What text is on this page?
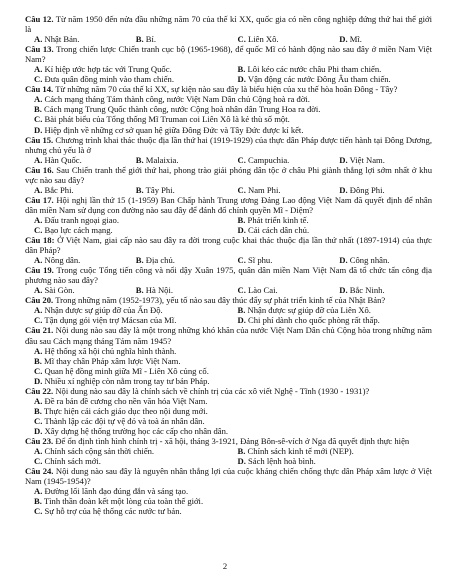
Câu 12. Từ năm 1950 đến nửa đầu những năm 70 của thế kỉ XX, quốc gia có nền công nghiệp đứng thứ hai thế giới là

A. Nhật Bản.	B. Bỉ.	C. Liên Xô.	D. Mĩ.

Câu 13. Trong chiến lược Chiến tranh cục bộ (1965-1968), để quốc Mĩ có hành động nào sau đây ở miền Nam Việt Nam?

A. Kí hiệp ước hợp tác với Trung Quốc.	B. Lôi kéo các nước châu Phi tham chiến.
C. Đưa quân đồng minh vào tham chiến.	D. Vận động các nước Đông Âu tham chiến.

Câu 14. Từ những năm 70 của thế kỉ XX, sự kiện nào sau đây là biểu hiện của xu thế hòa hoãn Đông - Tây?

A. Cách mạng tháng Tám thành công, nước Việt Nam Dân chủ Cộng hoà ra đời.
B. Cách mạng Trung Quốc thành công, nước Cộng hoà nhân dân Trung Hoa ra đời.
C. Bài phát biểu của Tổng thống Mĩ Truman coi Liên Xô là kẻ thù số một.
D. Hiệp định về những cơ sở quan hệ giữa Đông Đức và Tây Đức được kí kết.

Câu 15. Chương trình khai thác thuộc địa lần thứ hai (1919-1929) của thực dân Pháp được tiến hành tại Đông Dương, nhưng chủ yếu là ở

A. Hàn Quốc.	B. Malaixia.	C. Campuchia.	D. Việt Nam.

Câu 16. Sau Chiến tranh thế giới thứ hai, phong trào giải phóng dân tộc ở châu Phi giành thắng lợi sớm nhất ở khu vực nào sau đây?

A. Bắc Phi.	B. Tây Phi.	C. Nam Phi.	D. Đông Phi.

Câu 17. Hội nghị lần thứ 15 (1-1959) Ban Chấp hành Trung ương Đảng Lao động Việt Nam đã quyết định để nhân dân miền Nam sử dụng con đường nào sau đây để đánh đổ chính quyền Mĩ - Diệm?

A. Đấu tranh ngoại giao.	B. Phát triển kinh tế.
C. Bạo lực cách mạng.	D. Cải cách dân chủ.

Câu 18: Ở Việt Nam, giai cấp nào sau đây ra đời trong cuộc khai thác thuộc địa lần thứ nhất (1897-1914) của thực dân Pháp?

A. Nông dân.	B. Địa chủ.	C. Sĩ phu.	D. Công nhân.

Câu 19. Trong cuộc Tổng tiến công và nổi dậy Xuân 1975, quân dân miền Nam Việt Nam đã tổ chức tấn công địa phương nào sau đây?

A. Sài Gòn.	B. Hà Nội.	C. Lào Cai.	D. Bắc Ninh.

Câu 20. Trong những năm (1952-1973), yếu tố nào sau đây thúc đẩy sự phát triển kinh tế của Nhật Bản?

A. Nhận được sự giúp đỡ của Ấn Độ.	B. Nhận được sự giúp đỡ của Liên Xô.
C. Tận dụng gói viện trợ Mácsan của Mĩ.	D. Chi phí dành cho quốc phòng rất thấp.

Câu 21. Nội dung nào sau đây là một trong những khó khăn của nước Việt Nam Dân chủ Cộng hòa trong những năm đầu sau Cách mạng tháng Tám năm 1945?

A. Hệ thống xã hội chủ nghĩa hình thành.
B. Mĩ thay chân Pháp xâm lược Việt Nam.
C. Quan hệ đồng minh giữa Mĩ - Liên Xô củng cố.
D. Nhiều xí nghiệp còn nằm trong tay tư bản Pháp.

Câu 22. Nội dung nào sau đây là chính sách về chính trị của các xô viết Nghệ - Tĩnh (1930 - 1931)?

A. Đề ra bản đề cương cho nền văn hóa Việt Nam.
B. Thực hiện cải cách giáo dục theo nội dung mới.
C. Thành lập các đội tự vệ đỏ và toà án nhân dân.
D. Xây dựng hệ thống trường học các cấp cho nhân dân.

Câu 23. Để ổn định tình hình chính trị - xã hội, tháng 3-1921, Đảng Bôn-sê-vích ở Nga đã quyết định thực hiện

A. Chính sách cộng sản thời chiến.	B. Chính sách kinh tế mới (NEP).
C. Chính sách mới.	D. Sách lệnh hoà bình.

Câu 24. Nội dung nào sau đây là nguyên nhân thắng lợi của cuộc kháng chiến chống thực dân Pháp xâm lược ở Việt Nam (1945-1954)?

A. Đường lối lãnh đạo đúng đắn và sáng tạo.
B. Tình thần đoàn kết một lòng của toàn thế giới.
C. Sự hỗ trợ của hệ thống các nước tư bản.
2
